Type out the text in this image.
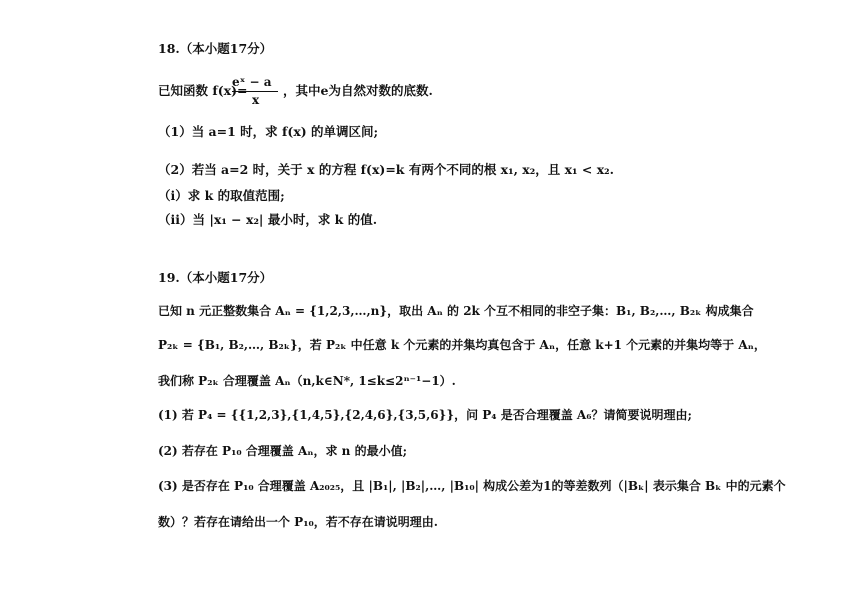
18.（本小题17分）
已知函数 f(x)=
eˣ − a
x
，其中e为自然对数的底数.
（1）当 a=1 时，求 f(x) 的单调区间;
（2）若当 a=2 时，关于 x 的方程 f(x)=k 有两个不同的根 x₁, x₂，且 x₁ < x₂.
（i）求 k 的取值范围;
（ii）当 |x₁ − x₂| 最小时，求 k 的值.
19.（本小题17分）
已知 n 元正整数集合 Aₙ = {1,2,3,…,n}，取出 Aₙ 的 2k 个互不相同的非空子集：B₁, B₂,…, B₂ₖ 构成集合
P₂ₖ = {B₁, B₂,…, B₂ₖ}，若 P₂ₖ 中任意 k 个元素的并集均真包含于 Aₙ，任意 k+1 个元素的并集均等于 Aₙ，
我们称 P₂ₖ 合理覆盖 Aₙ（n,k∈N*, 1≤k≤2ⁿ⁻¹−1）.
(1) 若 P₄ = {{1,2,3},{1,4,5},{2,4,6},{3,5,6}}，问 P₄ 是否合理覆盖 A₆？请简要说明理由;
(2) 若存在 P₁₀ 合理覆盖 Aₙ，求 n 的最小值;
(3) 是否存在 P₁₀ 合理覆盖 A₂₀₂₅，且 |B₁|, |B₂|,…, |B₁₀| 构成公差为1的等差数列（|Bₖ| 表示集合 Bₖ 中的元素个
数）？若存在请给出一个 P₁₀，若不存在请说明理由.
